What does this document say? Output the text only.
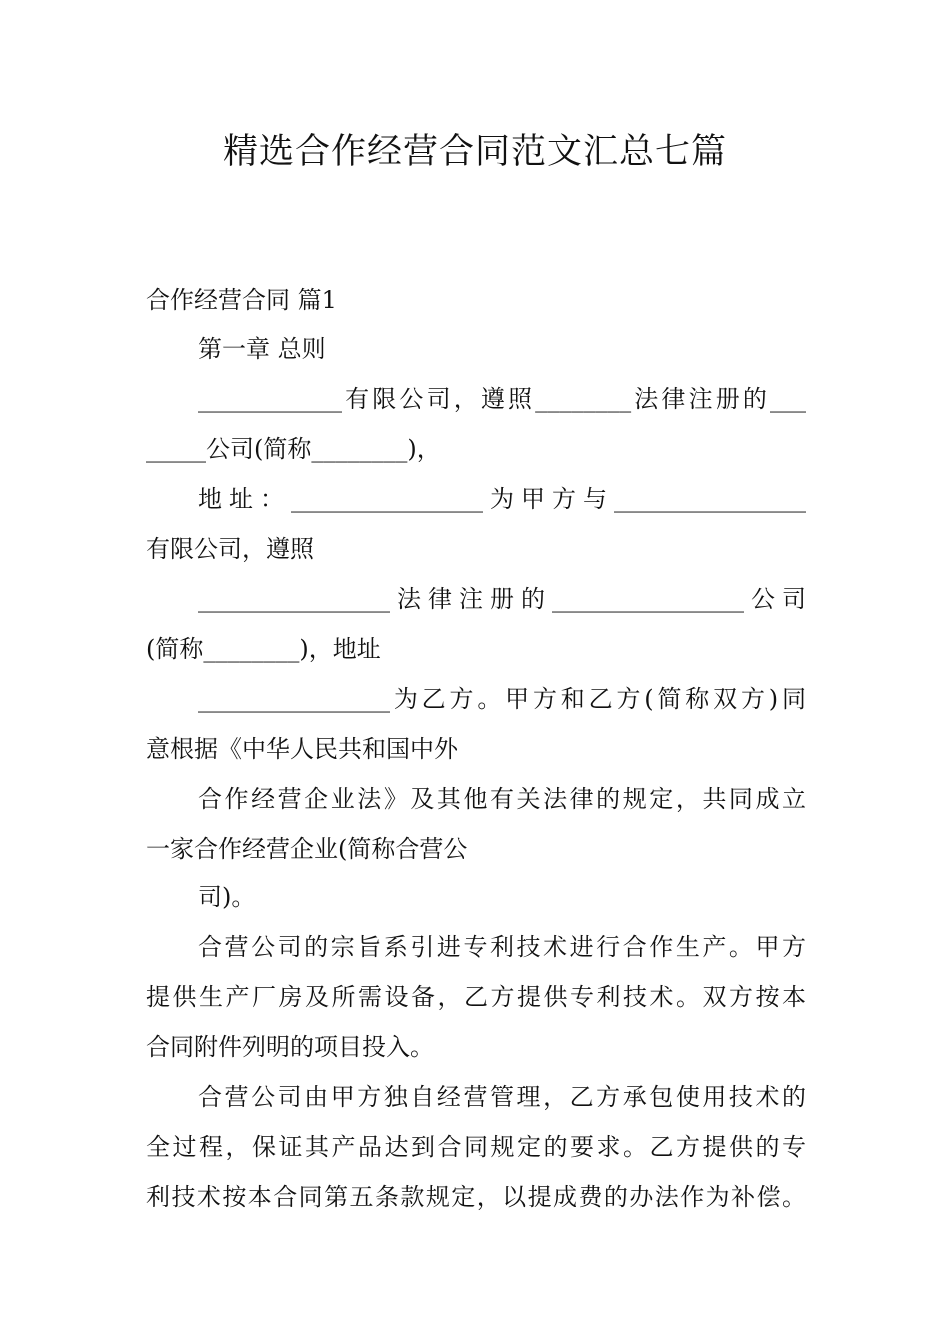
精选合作经营合同范文汇总七篇

合作经营合同 篇1

第一章 总则

____________有限公司，遵照________法律注册的___

_____公司(简称________)，

地址：________________为甲方与________________

有限公司，遵照

________________法律注册的________________公司

(简称________)，地址

________________为乙方。甲方和乙方(简称双方)同

意根据《中华人民共和国中外

合作经营企业法》及其他有关法律的规定，共同成立

一家合作经营企业(简称合营公

司)。

合营公司的宗旨系引进专利技术进行合作生产。甲方

提供生产厂房及所需设备，乙方提供专利技术。双方按本

合同附件列明的项目投入。

合营公司由甲方独自经营管理，乙方承包使用技术的

全过程，保证其产品达到合同规定的要求。乙方提供的专

利技术按本合同第五条款规定，以提成费的办法作为补偿。
